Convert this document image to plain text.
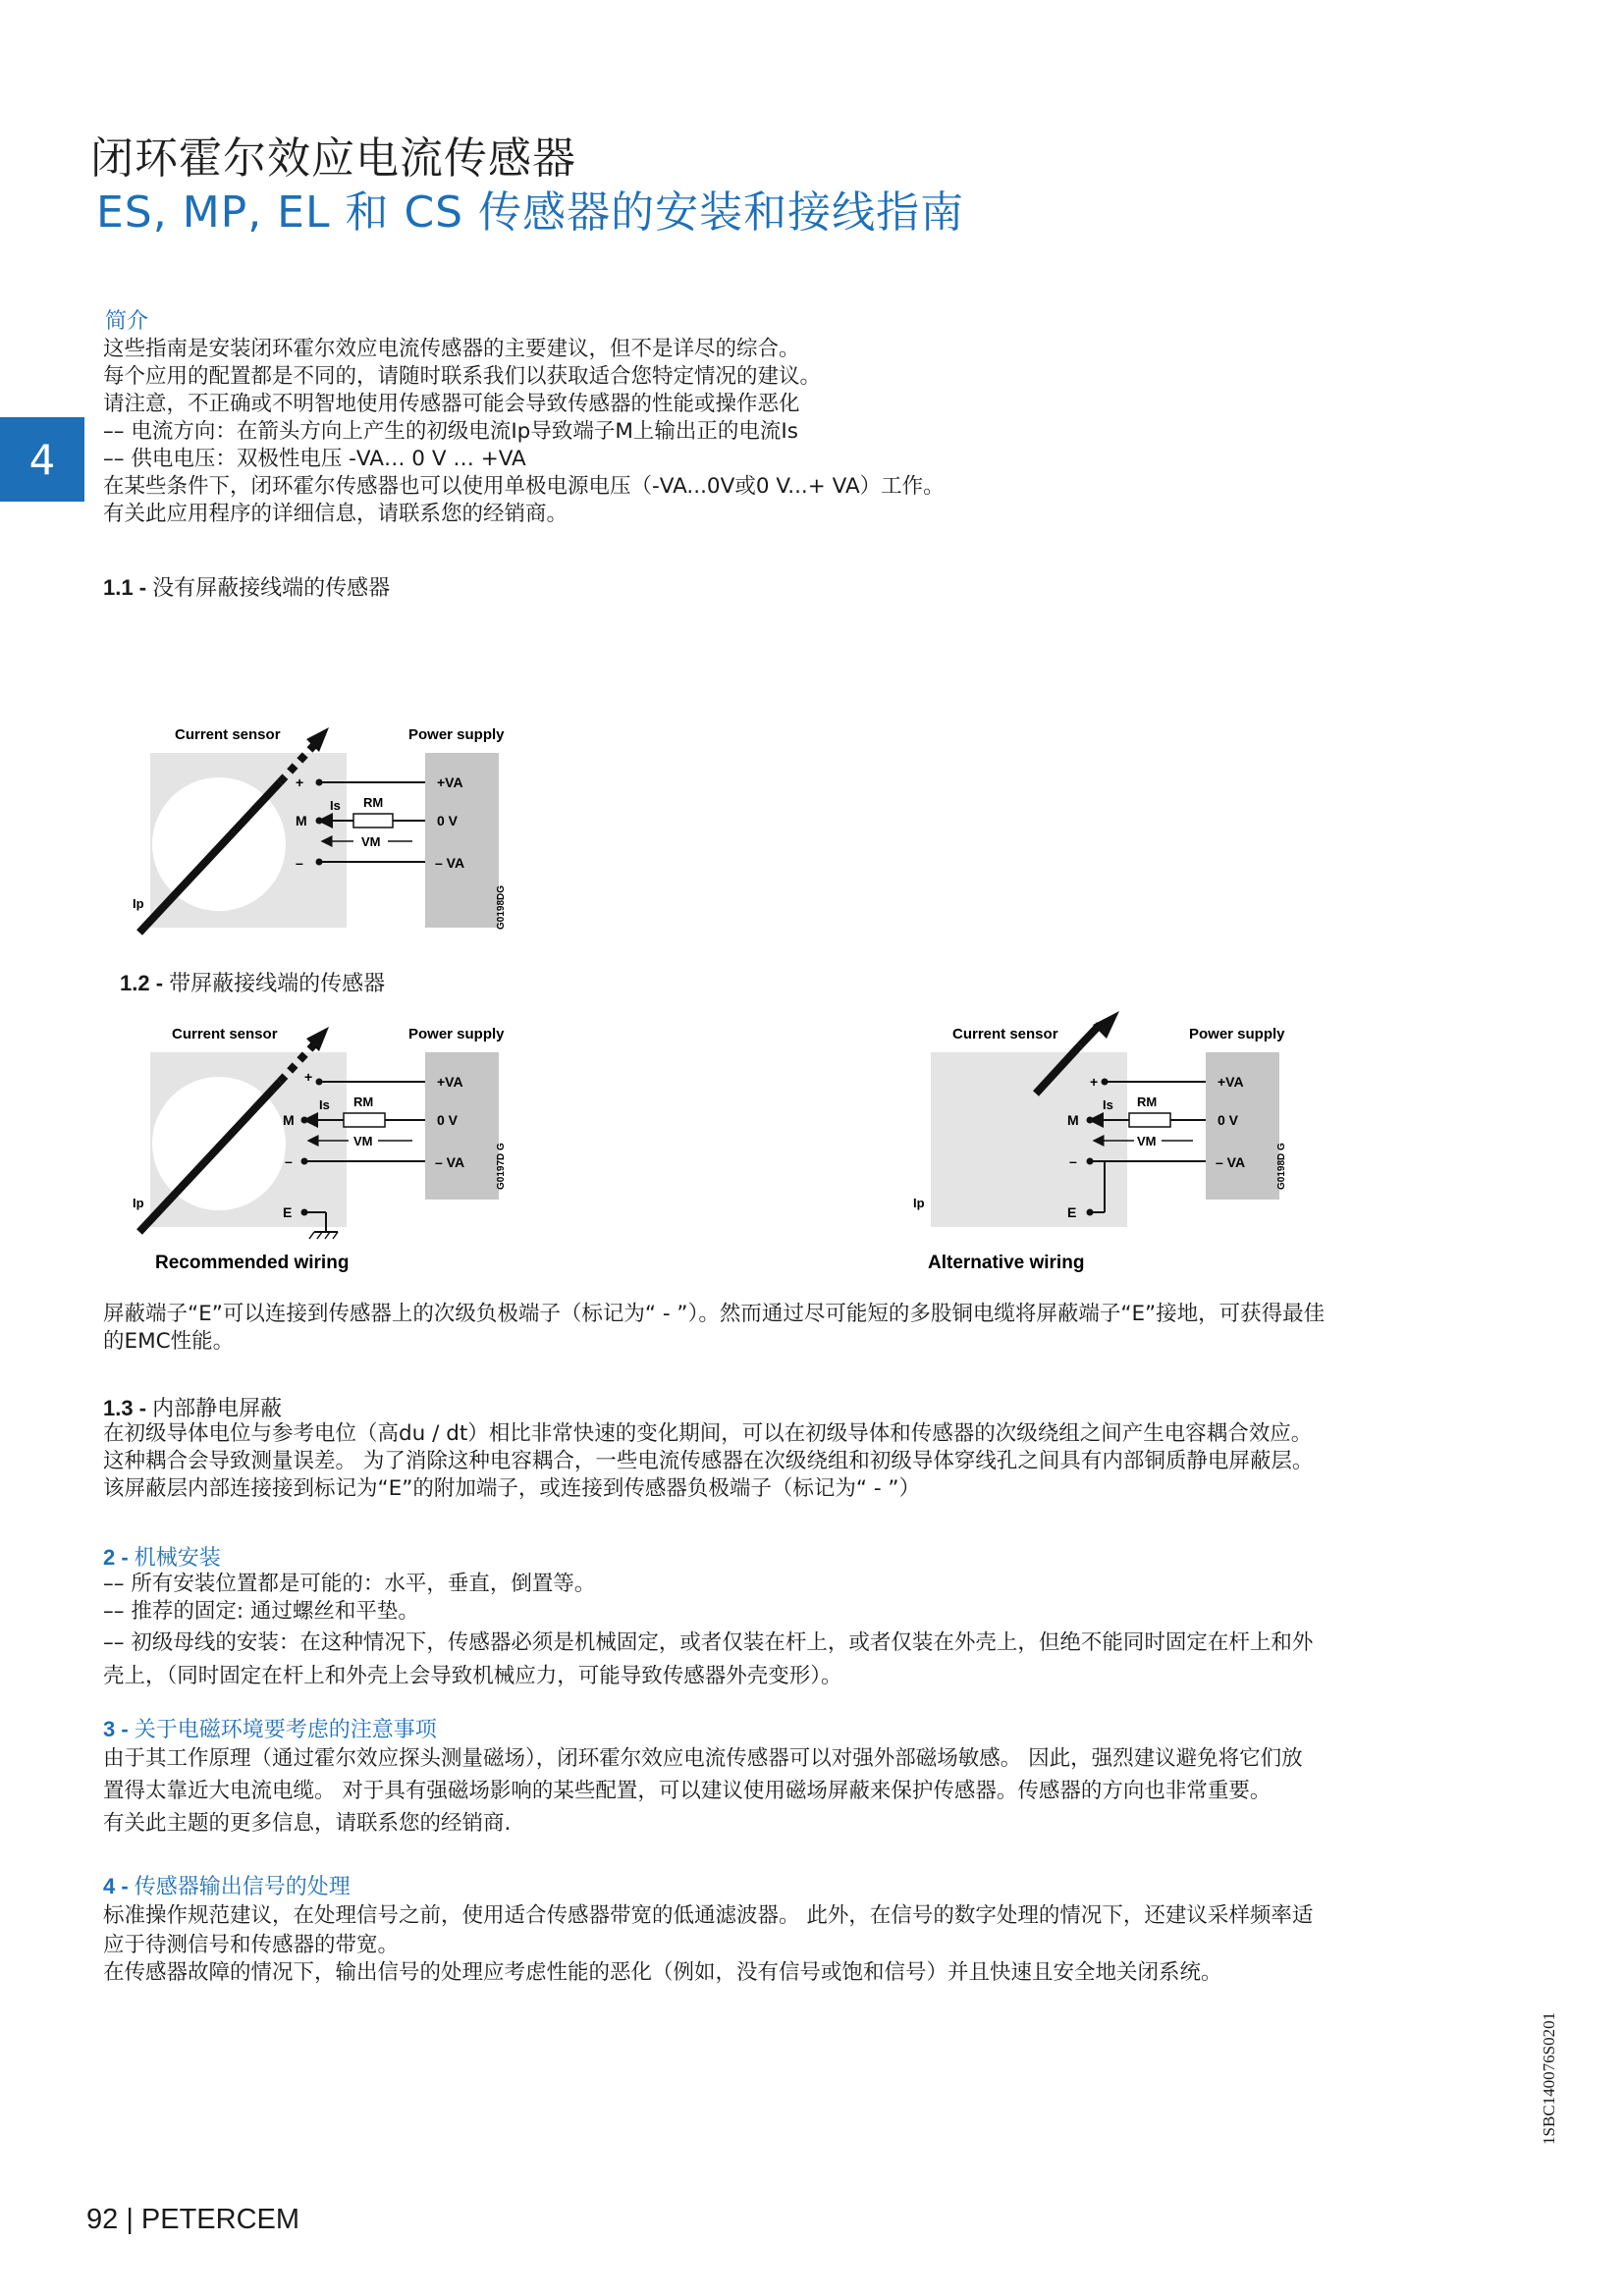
闭环霍尔效应电流传感器
ES, MP, EL 和 CS 传感器的安装和接线指南
4
简介
这些指南是安装闭环霍尔效应电流传感器的主要建议，但不是详尽的综合。
每个应用的配置都是不同的，请随时联系我们以获取适合您特定情况的建议。
请注意，不正确或不明智地使用传感器可能会导致传感器的性能或操作恶化
–– 电流方向：在箭头方向上产生的初级电流Ip导致端子M上输出正的电流Is
–– 供电电压：双极性电压 -VA… 0 V … +VA
在某些条件下，闭环霍尔传感器也可以使用单极电源电压（-VA...0V或0 V...+ VA）工作。
有关此应用程序的详细信息，请联系您的经销商。
1.1 - 没有屏蔽接线端的传感器
Current sensor	Power supply
+
M
–
Is RM
VM
+VA
0 V
– VA
Ip	G0198DG
1.2 - 带屏蔽接线端的传感器
Current sensor	Power supply
+
M
–
E
Is RM
VM
+VA
0 V
– VA
Ip
G0197D G
Recommended wiring
Current sensor	Power supply
+
M
–
E
Is RM
VM
+VA
0 V
– VA
Ip
G0198D G
Alternative wiring
屏蔽端子“E”可以连接到传感器上的次级负极端子（标记为“ - ”）。然而通过尽可能短的多股铜电缆将屏蔽端子“E”接地，可获得最佳
的EMC性能。
1.3 - 内部静电屏蔽
在初级导体电位与参考电位（高du / dt）相比非常快速的变化期间，可以在初级导体和传感器的次级绕组之间产生电容耦合效应。
这种耦合会导致测量误差。 为了消除这种电容耦合，一些电流传感器在次级绕组和初级导体穿线孔之间具有内部铜质静电屏蔽层。
该屏蔽层内部连接接到标记为“E”的附加端子，或连接到传感器负极端子（标记为“ - ”）
2 - 机械安装
–– 所有安装位置都是可能的：水平，垂直，倒置等。
–– 推荐的固定: 通过螺丝和平垫。
–– 初级母线的安装：在这种情况下，传感器必须是机械固定，或者仅装在杆上，或者仅装在外壳上，但绝不能同时固定在杆上和外
壳上，（同时固定在杆上和外壳上会导致机械应力，可能导致传感器外壳变形）。
3 - 关于电磁环境要考虑的注意事项
由于其工作原理（通过霍尔效应探头测量磁场），闭环霍尔效应电流传感器可以对强外部磁场敏感。 因此，强烈建议避免将它们放
置得太靠近大电流电缆。 对于具有强磁场影响的某些配置，可以建议使用磁场屏蔽来保护传感器。传感器的方向也非常重要。
有关此主题的更多信息，请联系您的经销商.
4 - 传感器输出信号的处理
标准操作规范建议，在处理信号之前，使用适合传感器带宽的低通滤波器。 此外，在信号的数字处理的情况下，还建议采样频率适
应于待测信号和传感器的带宽。
在传感器故障的情况下，输出信号的处理应考虑性能的恶化（例如，没有信号或饱和信号）并且快速且安全地关闭系统。
92 | PETERCEM
1SBC140076S0201
